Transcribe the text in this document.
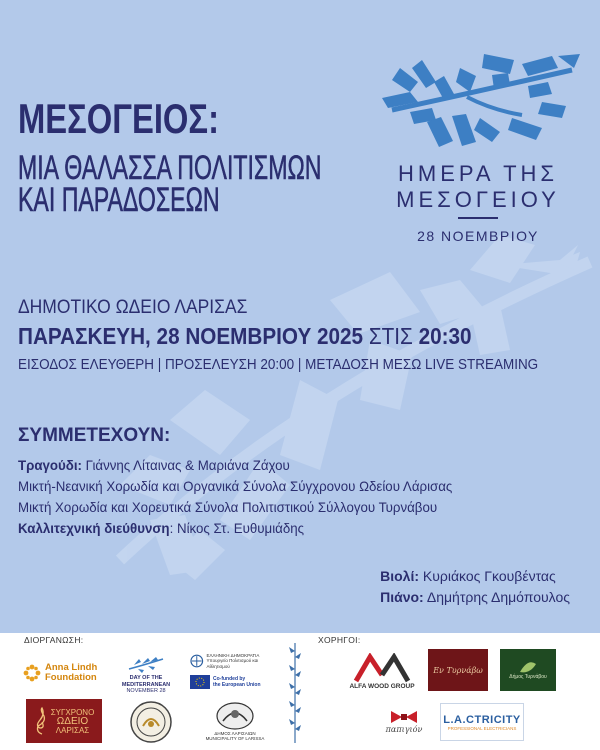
ΜΕΣΟΓΕΙΟΣ:
ΜΙΑ ΘΑΛΑΣΣΑ ΠΟΛΙΤΙΣΜΩΝ
ΚΑΙ ΠΑΡΑΔΟΣΕΩΝ
ΗΜΕΡΑ ΤΗΣ
ΜΕΣΟΓΕΙΟΥ
28 ΝΟΕΜΒΡΙΟΥ
ΔΗΜΟΤΙΚΟ ΩΔΕΙΟ ΛΑΡΙΣΑΣ
ΠΑΡΑΣΚΕΥΗ, 28 ΝΟΕΜΒΡΙΟΥ 2025 ΣΤΙΣ 20:30
ΕΙΣΟΔΟΣ ΕΛΕΥΘΕΡΗ | ΠΡΟΣΕΛΕΥΣΗ 20:00 | ΜΕΤΑΔΟΣΗ ΜΕΣΩ LIVE STREAMING
ΣΥΜΜΕΤΕΧΟΥΝ:
Τραγούδι: Γιάννης Λίταινας & Μαριάνα Ζάχου
Μικτή-Νεανική Χορωδία και Οργανικά Σύνολα Σύγχρονου Ωδείου Λάρισας
Μικτή Χορωδία και Χορευτικά Σύνολα Πολιτιστικού Σύλλογου Τυρνάβου
Καλλιτεχνική διεύθυνση: Νίκος Στ. Ευθυμιάδης
Βιολί: Κυριάκος Γκουβέντας
Πιάνο: Δημήτρης Δημόπουλος
ΔΙΟΡΓΑΝΩΣΗ:	ΧΟΡΗΓΟΙ:
Anna Lindh
Foundation	DAY OF THE
MEDITERRANEAN
NOVEMBER 28
ΕΛΛΗΝΙΚΗ ΔΗΜΟΚΡΑΤΙΑ
Υπουργείο Πολιτισμού και Αθλητισμού
Co-funded by
the European Union
ΣΥΓΧΡΟΝΟ
ΩΔΕΙΟ
ΛΑΡΙΣΑΣ	ΔΗΜΟΣ ΛΑΡΙΣΑΙΩΝ
MUNICIPALITY OF LARISSA
ALFA WOOD GROUP
Εν Τυρνάβω
Δήμος Τυρνάβου
παπιγιόν
L.A.CTRICITY
PROFESSIONAL ELECTRICIANS
